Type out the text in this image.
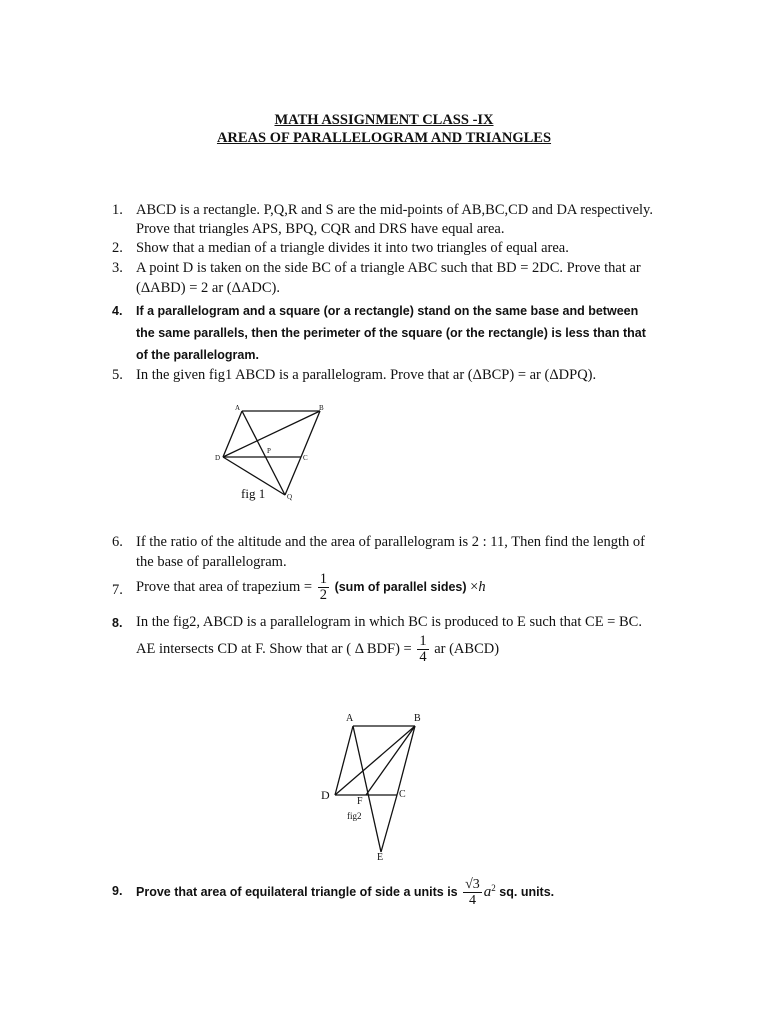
MATH ASSIGNMENT CLASS -IX
AREAS OF PARALLELOGRAM AND TRIANGLES
1. ABCD is a rectangle. P,Q,R and S are the mid-points of AB,BC,CD and DA respectively.
Prove that triangles APS, BPQ, CQR and DRS have equal area.
2. Show that a median of a triangle divides it into two triangles of equal area.
3. A point D is taken on the side BC of a triangle ABC such that BD = 2DC. Prove that ar
(ΔABD) = 2 ar (ΔADC).
4.	If a parallelogram and a square (or a rectangle) stand on the same base and between
the same parallels, then the perimeter of the square (or the rectangle) is less than that
of the parallelogram.
5. In the given fig1 ABCD is a parallelogram. Prove that ar (ΔBCP) = ar (ΔDPQ).
A	B
C
D
P
Q
fig 1
6. If the ratio of the altitude and the area of parallelogram is 2 : 11, Then find the length of
the base of parallelogram.
7. Prove that area of trapezium = $\frac{1}{2} (sum$ of parallel sides) ×h
8. In the fig2, ABCD is a parallelogram in which BC is produced to E such that CE = BC.
AE intersects CD at F. Show that ar ( Δ $BDF) = \frac{1}{4}$ ar (ABCD)
A	B
C
D	F
E
fig2
9.	Prove that area of equilateral triangle of side a units is $\frac{√3}{4} a^2$ sq. units.
